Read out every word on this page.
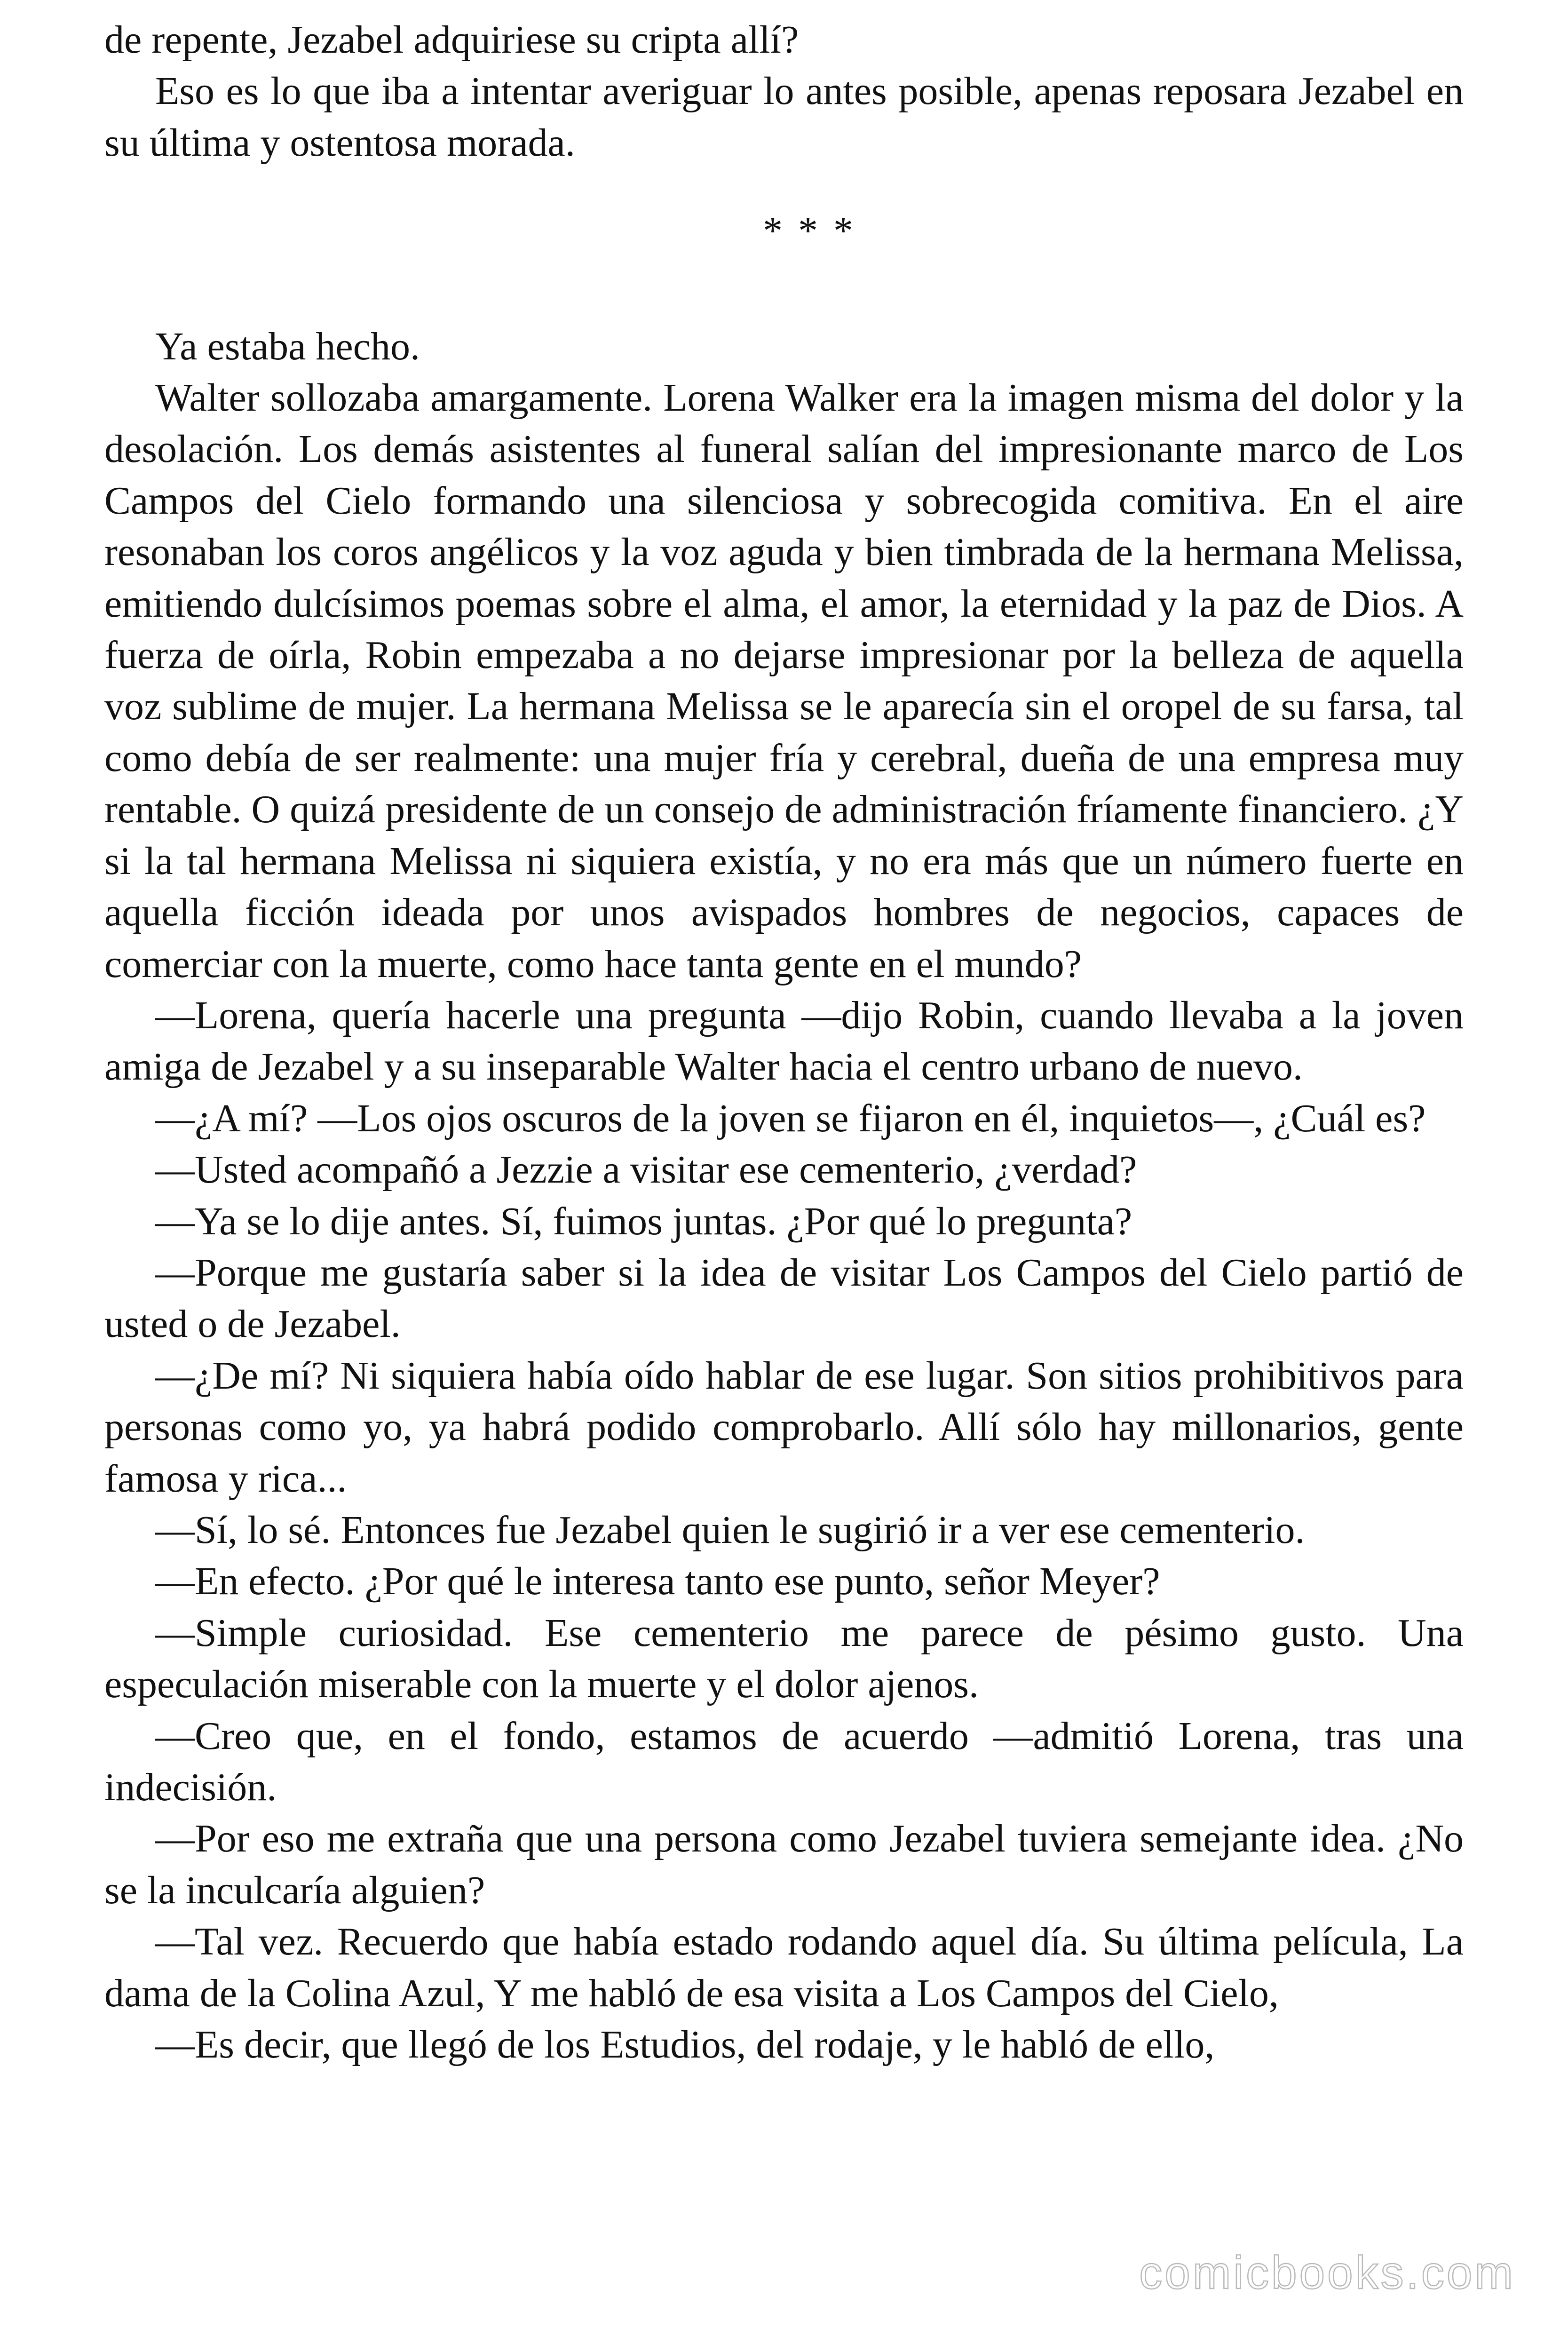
de repente, Jezabel adquiriese su cripta allí?

Eso es lo que iba a intentar averiguar lo antes posible, apenas reposara Jezabel en su última y ostentosa morada.

* * *

Ya estaba hecho.

Walter sollozaba amargamente. Lorena Walker era la imagen misma del dolor y la desolación. Los demás asistentes al funeral salían del impresionante marco de Los Campos del Cielo formando una silenciosa y sobrecogida comitiva. En el aire resonaban los coros angélicos y la voz aguda y bien timbrada de la hermana Melissa, emitiendo dulcísimos poemas sobre el alma, el amor, la eternidad y la paz de Dios. A fuerza de oírla, Robin empezaba a no dejarse impresionar por la belleza de aquella voz sublime de mujer. La hermana Melissa se le aparecía sin el oropel de su farsa, tal como debía de ser realmente: una mujer fría y cerebral, dueña de una empresa muy rentable. O quizá presidente de un consejo de administración fríamente financiero. ¿Y si la tal hermana Melissa ni siquiera existía, y no era más que un número fuerte en aquella ficción ideada por unos avispados hombres de negocios, capaces de comerciar con la muerte, como hace tanta gente en el mundo?

—Lorena, quería hacerle una pregunta —dijo Robin, cuando llevaba a la joven amiga de Jezabel y a su inseparable Walter hacia el centro urbano de nuevo.

—¿A mí? —Los ojos oscuros de la joven se fijaron en él, inquietos—, ¿Cuál es?

—Usted acompañó a Jezzie a visitar ese cementerio, ¿verdad?

—Ya se lo dije antes. Sí, fuimos juntas. ¿Por qué lo pregunta?

—Porque me gustaría saber si la idea de visitar Los Campos del Cielo partió de usted o de Jezabel.

—¿De mí? Ni siquiera había oído hablar de ese lugar. Son sitios prohibitivos para personas como yo, ya habrá podido comprobarlo. Allí sólo hay millonarios, gente famosa y rica...

—Sí, lo sé. Entonces fue Jezabel quien le sugirió ir a ver ese cementerio.

—En efecto. ¿Por qué le interesa tanto ese punto, señor Meyer?

—Simple curiosidad. Ese cementerio me parece de pésimo gusto. Una especulación miserable con la muerte y el dolor ajenos.

—Creo que, en el fondo, estamos de acuerdo —admitió Lorena, tras una indecisión.

—Por eso me extraña que una persona como Jezabel tuviera semejante idea. ¿No se la inculcaría alguien?

—Tal vez. Recuerdo que había estado rodando aquel día. Su última película, La dama de la Colina Azul, Y me habló de esa visita a Los Campos del Cielo,

—Es decir, que llegó de los Estudios, del rodaje, y le habló de ello,

comicbooks.com
